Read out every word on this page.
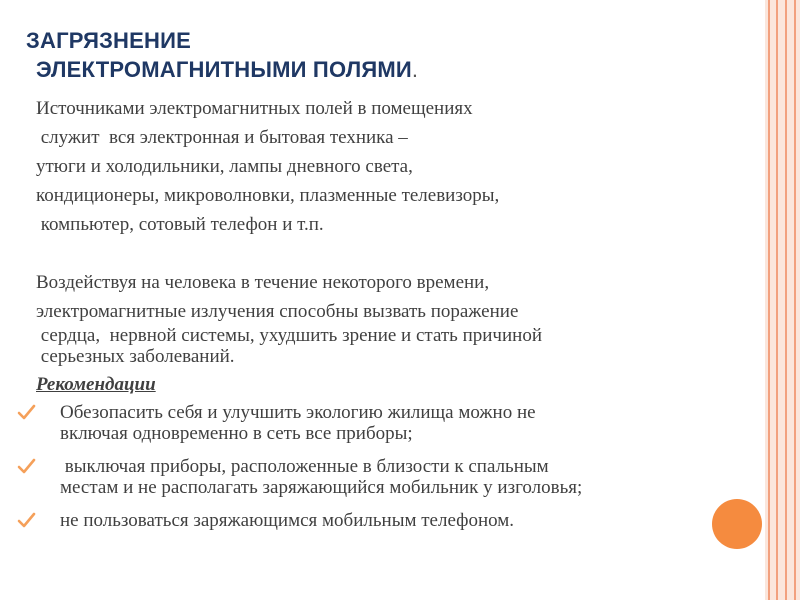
ЗАГРЯЗНЕНИЕ
ЭЛЕКТРОМАГНИТНЫМИ ПОЛЯМИ.

Источниками электромагнитных полей в помещениях

служит  вся электронная и бытовая техника –

утюги и холодильники, лампы дневного света,

кондиционеры, микроволновки, плазменные телевизоры,

компьютер, сотовый телефон и т.п.

Воздействуя на человека в течение некоторого времени,

электромагнитные излучения способны вызвать поражение

сердца,  нервной системы, ухудшить зрение и стать причиной

серьезных заболеваний.

Рекомендации
Обезопасить себя и улучшить экологию жилища можно не
включая одновременно в сеть все приборы;
выключая приборы, расположенные в близости к спальным
местам и не располагать заряжающийся мобильник у изголовья;
не пользоваться заряжающимся мобильным телефоном.
